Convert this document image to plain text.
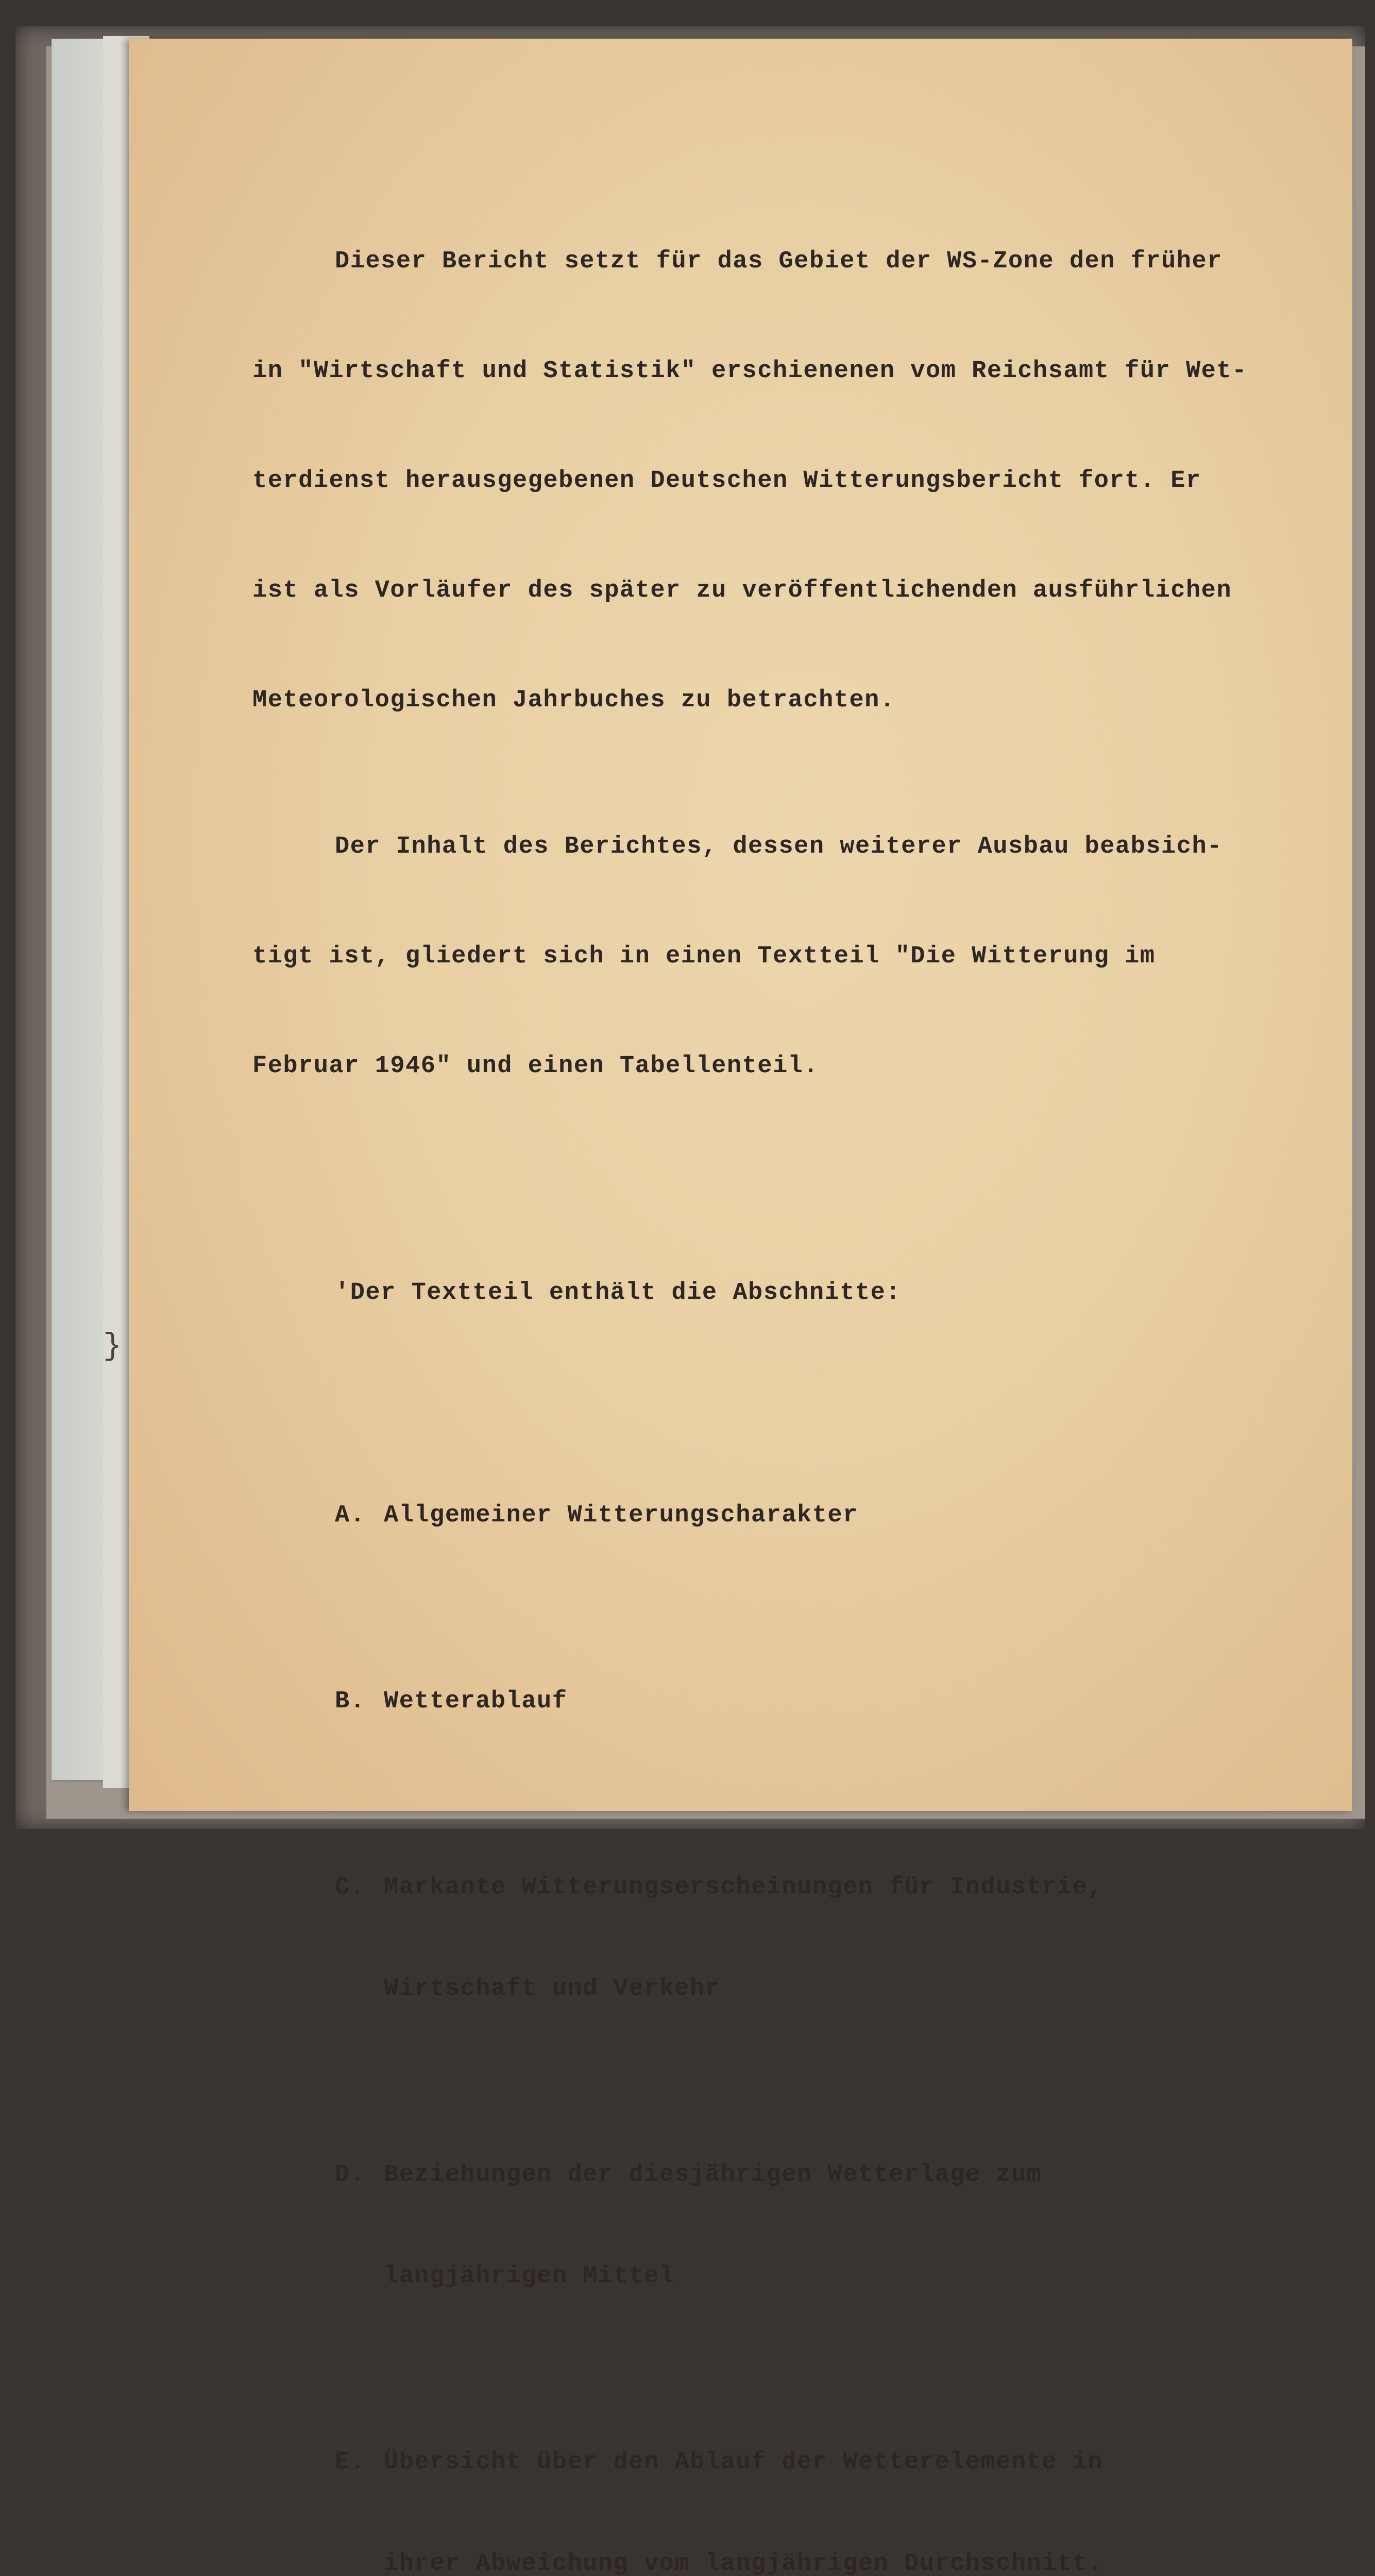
Dieser Bericht setzt für das Gebiet der WS-Zone den früher

in "Wirtschaft und Statistik" erschienenen vom Reichsamt für Wet-

terdienst herausgegebenen Deutschen Witterungsbericht fort. Er

ist als Vorläufer des später zu veröffentlichenden ausführlichen

Meteorologischen Jahrbuches zu betrachten.

Der Inhalt des Berichtes, dessen weiterer Ausbau beabsich-

tigt ist, gliedert sich in einen Textteil "Die Witterung im

Februar 1946" und einen Tabellenteil.

'Der Textteil enthält die Abschnitte:

A. Allgemeiner Witterungscharakter

B. Wetterablauf

C. Markante Witterungserscheinungen für Industrie,

Wirtschaft und Verkehr

D. Beziehungen der diesjährigen Wetterlage zum

langjährigen Mittel

E. Übersicht über den Ablauf der Wetterelemente in

ihrer Abweichung vom langjährigen Durchschnitt.

}
